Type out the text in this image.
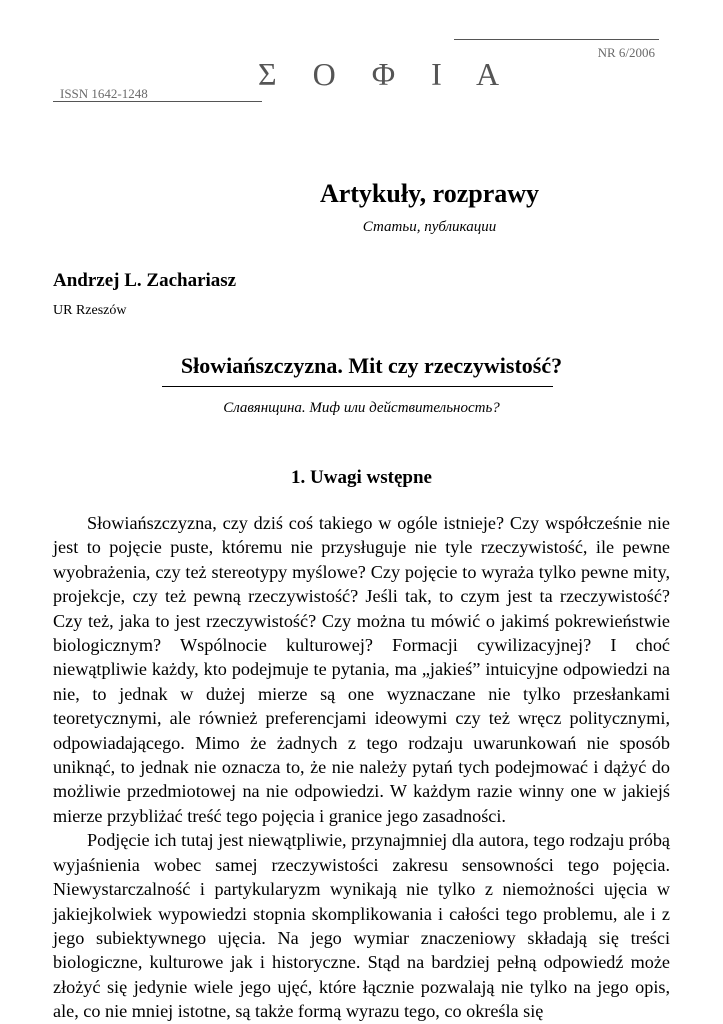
NR 6/2006
Σ Ο Φ Ι Α
ISSN 1642-1248
Artykuły, rozprawy
Статьи, публикации
Andrzej L. Zachariasz
UR Rzeszów
Słowiańszczyzna. Mit czy rzeczywistość?
Славянщина. Миф или действительность?
1. Uwagi wstępne

Słowiańszczyzna, czy dziś coś takiego w ogóle istnieje? Czy współcześnie nie jest to pojęcie puste, któremu nie przysługuje nie tyle rzeczywistość, ile pewne wyobrażenia, czy też stereotypy myślowe? Czy pojęcie to wyraża tylko pewne mity, projekcje, czy też pewną rzeczywistość? Jeśli tak, to czym jest ta rzeczywistość? Czy też, jaka to jest rzeczywistość? Czy można tu mówić o jakimś pokrewieństwie biologicznym? Wspólnocie kulturowej? Formacji cywilizacyjnej? I choć niewątpliwie każdy, kto podejmuje te pytania, ma „jakieś” intuicyjne odpowiedzi na nie, to jednak w dużej mierze są one wyznaczane nie tylko przesłankami teoretycznymi, ale również preferencjami ideowymi czy też wręcz politycznymi, odpowiadającego. Mimo że żadnych z tego rodzaju uwarunkowań nie sposób uniknąć, to jednak nie oznacza to, że nie należy pytań tych podejmować i dążyć do możliwie przedmiotowej na nie odpowiedzi. W każdym razie winny one w jakiejś mierze przybliżać treść tego pojęcia i granice jego zasadności.

Podjęcie ich tutaj jest niewątpliwie, przynajmniej dla autora, tego rodzaju próbą wyjaśnienia wobec samej rzeczywistości zakresu sensowności tego pojęcia. Niewystarczalność i partykularyzm wynikają nie tylko z niemożności ujęcia w jakiejkolwiek wypowiedzi stopnia skomplikowania i całości tego problemu, ale i z jego subiektywnego ujęcia. Na jego wymiar znaczeniowy składają się treści biologiczne, kulturowe jak i historyczne. Stąd na bardziej pełną odpowiedź może złożyć się jedynie wiele jego ujęć, które łącznie pozwalają nie tylko na jego opis, ale, co nie mniej istotne, są także formą wyrazu tego, co określa się
